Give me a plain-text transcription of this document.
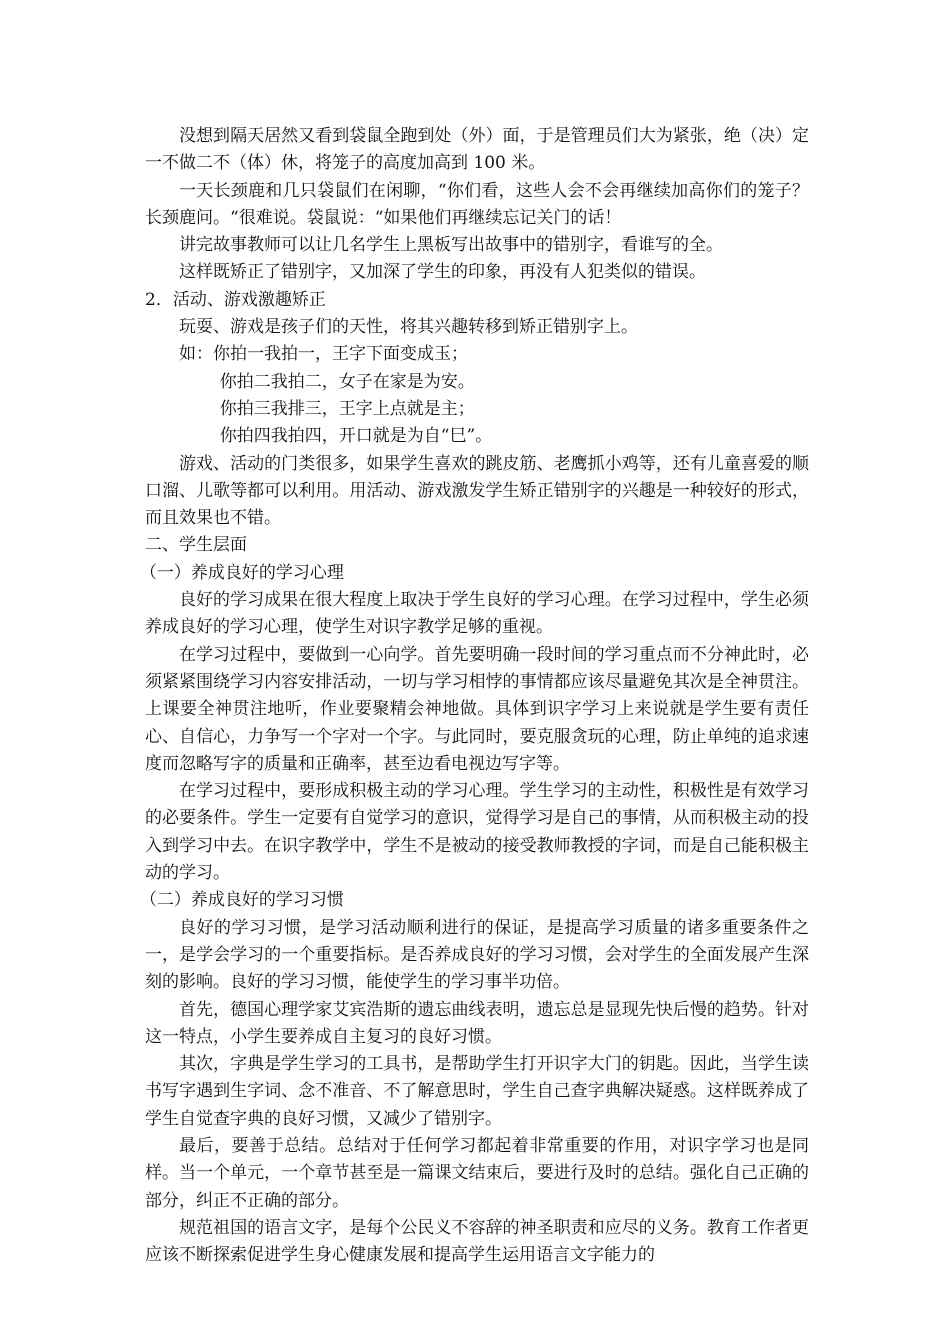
没想到隔天居然又看到袋鼠全跑到处（外）面，于是管理员们大为紧张，绝（决）定一不做二不（体）休，将笼子的高度加高到 100 米。

一天长颈鹿和几只袋鼠们在闲聊，“你们看，这些人会不会再继续加高你们的笼子？长颈鹿问。“很难说。袋鼠说：“如果他们再继续忘记关门的话！

讲完故事教师可以让几名学生上黑板写出故事中的错别字，看谁写的全。

这样既矫正了错别字，又加深了学生的印象，再没有人犯类似的错误。

2．活动、游戏激趣矫正

玩耍、游戏是孩子们的天性，将其兴趣转移到矫正错别字上。

如：你拍一我拍一，王字下面变成玉；

你拍二我拍二，女子在家是为安。

你拍三我排三，王字上点就是主；

你拍四我拍四，开口就是为自“巳”。

游戏、活动的门类很多，如果学生喜欢的跳皮筋、老鹰抓小鸡等，还有儿童喜爱的顺口溜、儿歌等都可以利用。用活动、游戏激发学生矫正错别字的兴趣是一种较好的形式，而且效果也不错。

二、学生层面

（一）养成良好的学习心理

良好的学习成果在很大程度上取决于学生良好的学习心理。在学习过程中，学生必须养成良好的学习心理，使学生对识字教学足够的重视。

在学习过程中，要做到一心向学。首先要明确一段时间的学习重点而不分神此时，必须紧紧围绕学习内容安排活动，一切与学习相悖的事情都应该尽量避免其次是全神贯注。上课要全神贯注地听，作业要聚精会神地做。具体到识字学习上来说就是学生要有责任心、自信心，力争写一个字对一个字。与此同时，要克服贪玩的心理，防止单纯的追求速度而忽略写字的质量和正确率，甚至边看电视边写字等。

在学习过程中，要形成积极主动的学习心理。学生学习的主动性，积极性是有效学习的必要条件。学生一定要有自觉学习的意识，觉得学习是自己的事情，从而积极主动的投入到学习中去。在识字教学中，学生不是被动的接受教师教授的字词，而是自己能积极主动的学习。

（二）养成良好的学习习惯

良好的学习习惯，是学习活动顺利进行的保证，是提高学习质量的诸多重要条件之一，是学会学习的一个重要指标。是否养成良好的学习习惯，会对学生的全面发展产生深刻的影响。良好的学习习惯，能使学生的学习事半功倍。

首先，德国心理学家艾宾浩斯的遗忘曲线表明，遗忘总是显现先快后慢的趋势。针对这一特点，小学生要养成自主复习的良好习惯。

其次，字典是学生学习的工具书，是帮助学生打开识字大门的钥匙。因此，当学生读书写字遇到生字词、念不准音、不了解意思时，学生自己查字典解决疑惑。这样既养成了学生自觉查字典的良好习惯，又减少了错别字。

最后，要善于总结。总结对于任何学习都起着非常重要的作用，对识字学习也是同样。当一个单元，一个章节甚至是一篇课文结束后，要进行及时的总结。强化自己正确的部分，纠正不正确的部分。

规范祖国的语言文字，是每个公民义不容辞的神圣职责和应尽的义务。教育工作者更应该不断探索促进学生身心健康发展和提高学生运用语言文字能力的
